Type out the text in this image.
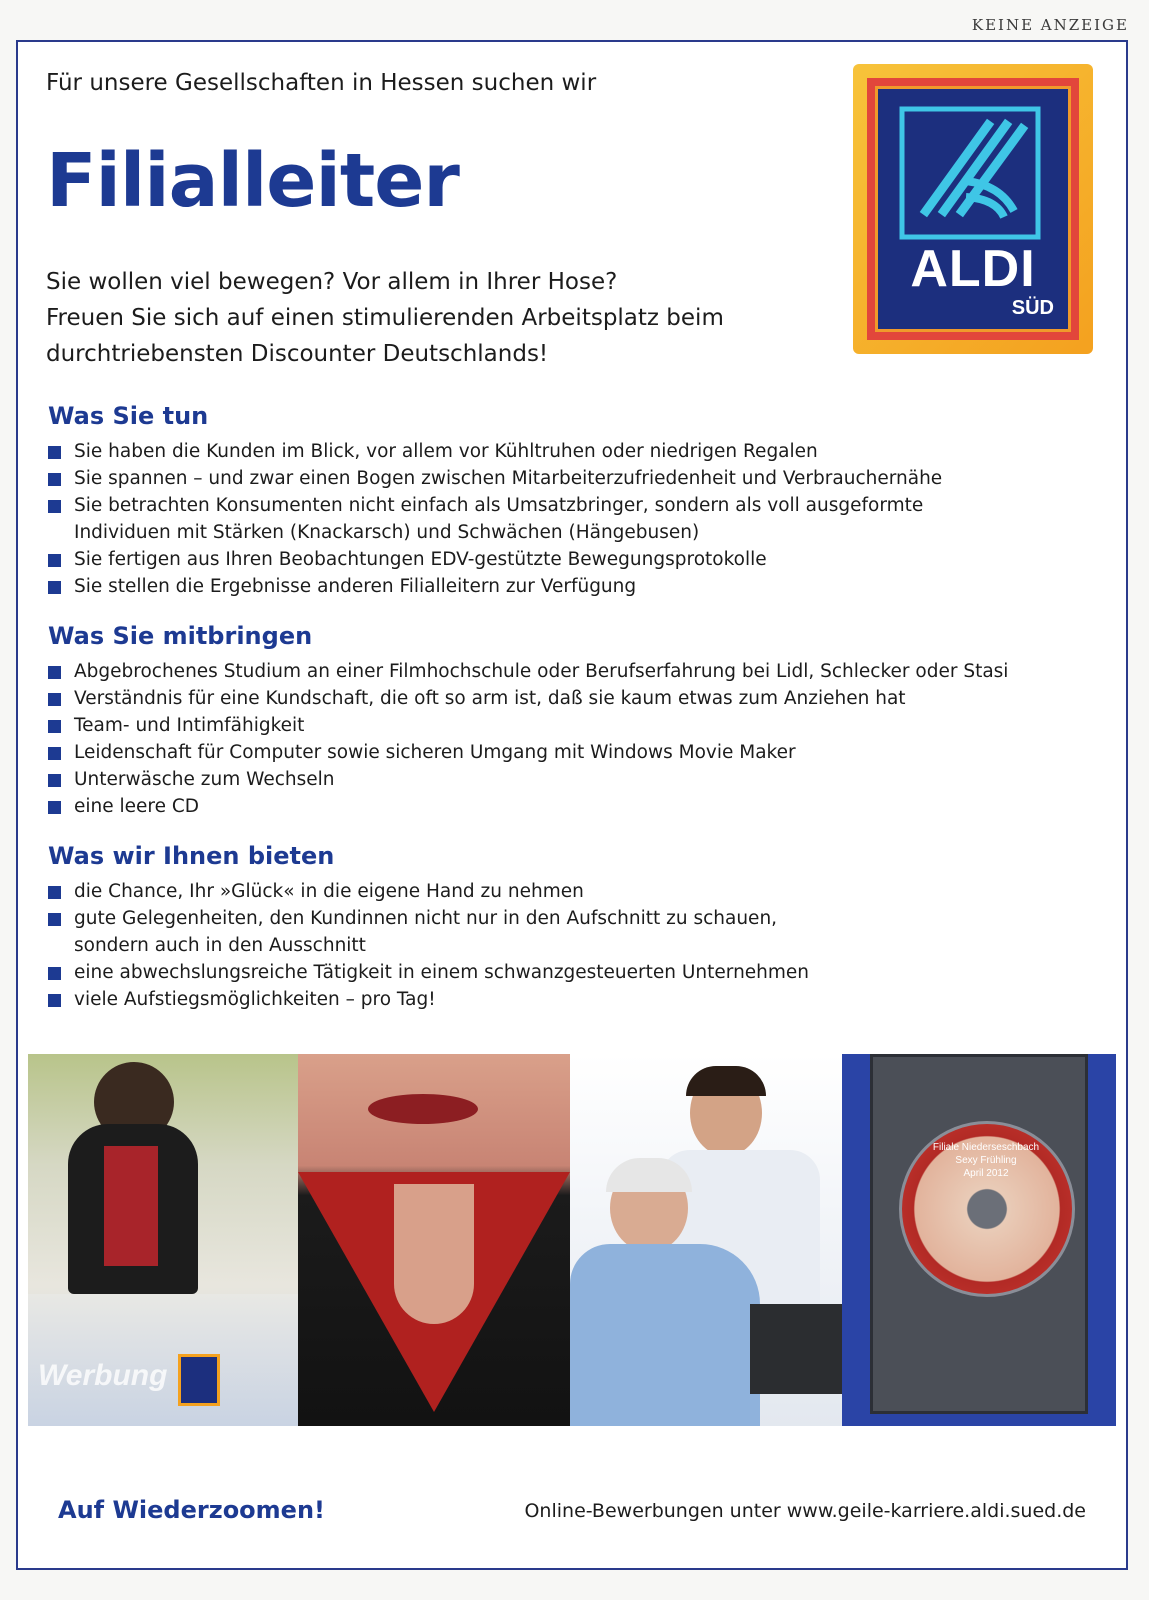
KEINE ANZEIGE
Für unsere Gesellschaften in Hessen suchen wir
Filialleiter
Sie wollen viel bewegen? Vor allem in Ihrer Hose?
Freuen Sie sich auf einen stimulierenden Arbeitsplatz beim
durchtriebensten Discounter Deutschlands!
ALDI
SÜD
Was Sie tun
Sie haben die Kunden im Blick, vor allem vor Kühltruhen oder niedrigen Regalen
Sie spannen – und zwar einen Bogen zwischen Mitarbeiterzufriedenheit und Verbrauchernähe
Sie betrachten Konsumenten nicht einfach als Umsatzbringer, sondern als voll ausgeformte Individuen mit Stärken (Knackarsch) und Schwächen (Hängebusen)
Sie fertigen aus Ihren Beobachtungen EDV-gestützte Bewegungsprotokolle
Sie stellen die Ergebnisse anderen Filialleitern zur Verfügung
Was Sie mitbringen
Abgebrochenes Studium an einer Filmhochschule oder Berufserfahrung bei Lidl, Schlecker oder Stasi
Verständnis für eine Kundschaft, die oft so arm ist, daß sie kaum etwas zum Anziehen hat
Team- und Intimfähigkeit
Leidenschaft für Computer sowie sicheren Umgang mit Windows Movie Maker
Unterwäsche zum Wechseln
eine leere CD
Was wir Ihnen bieten
die Chance, Ihr »Glück« in die eigene Hand zu nehmen
gute Gelegenheiten, den Kundinnen nicht nur in den Aufschnitt zu schauen, sondern auch in den Ausschnitt
eine abwechslungsreiche Tätigkeit in einem schwanzgesteuerten Unternehmen
viele Aufstiegsmöglichkeiten – pro Tag!
Werbung
Filiale Niederseschbach
Sexy Frühling
April 2012
Auf Wiederzoomen!	Online-Bewerbungen unter www.geile-karriere.aldi.sued.de
